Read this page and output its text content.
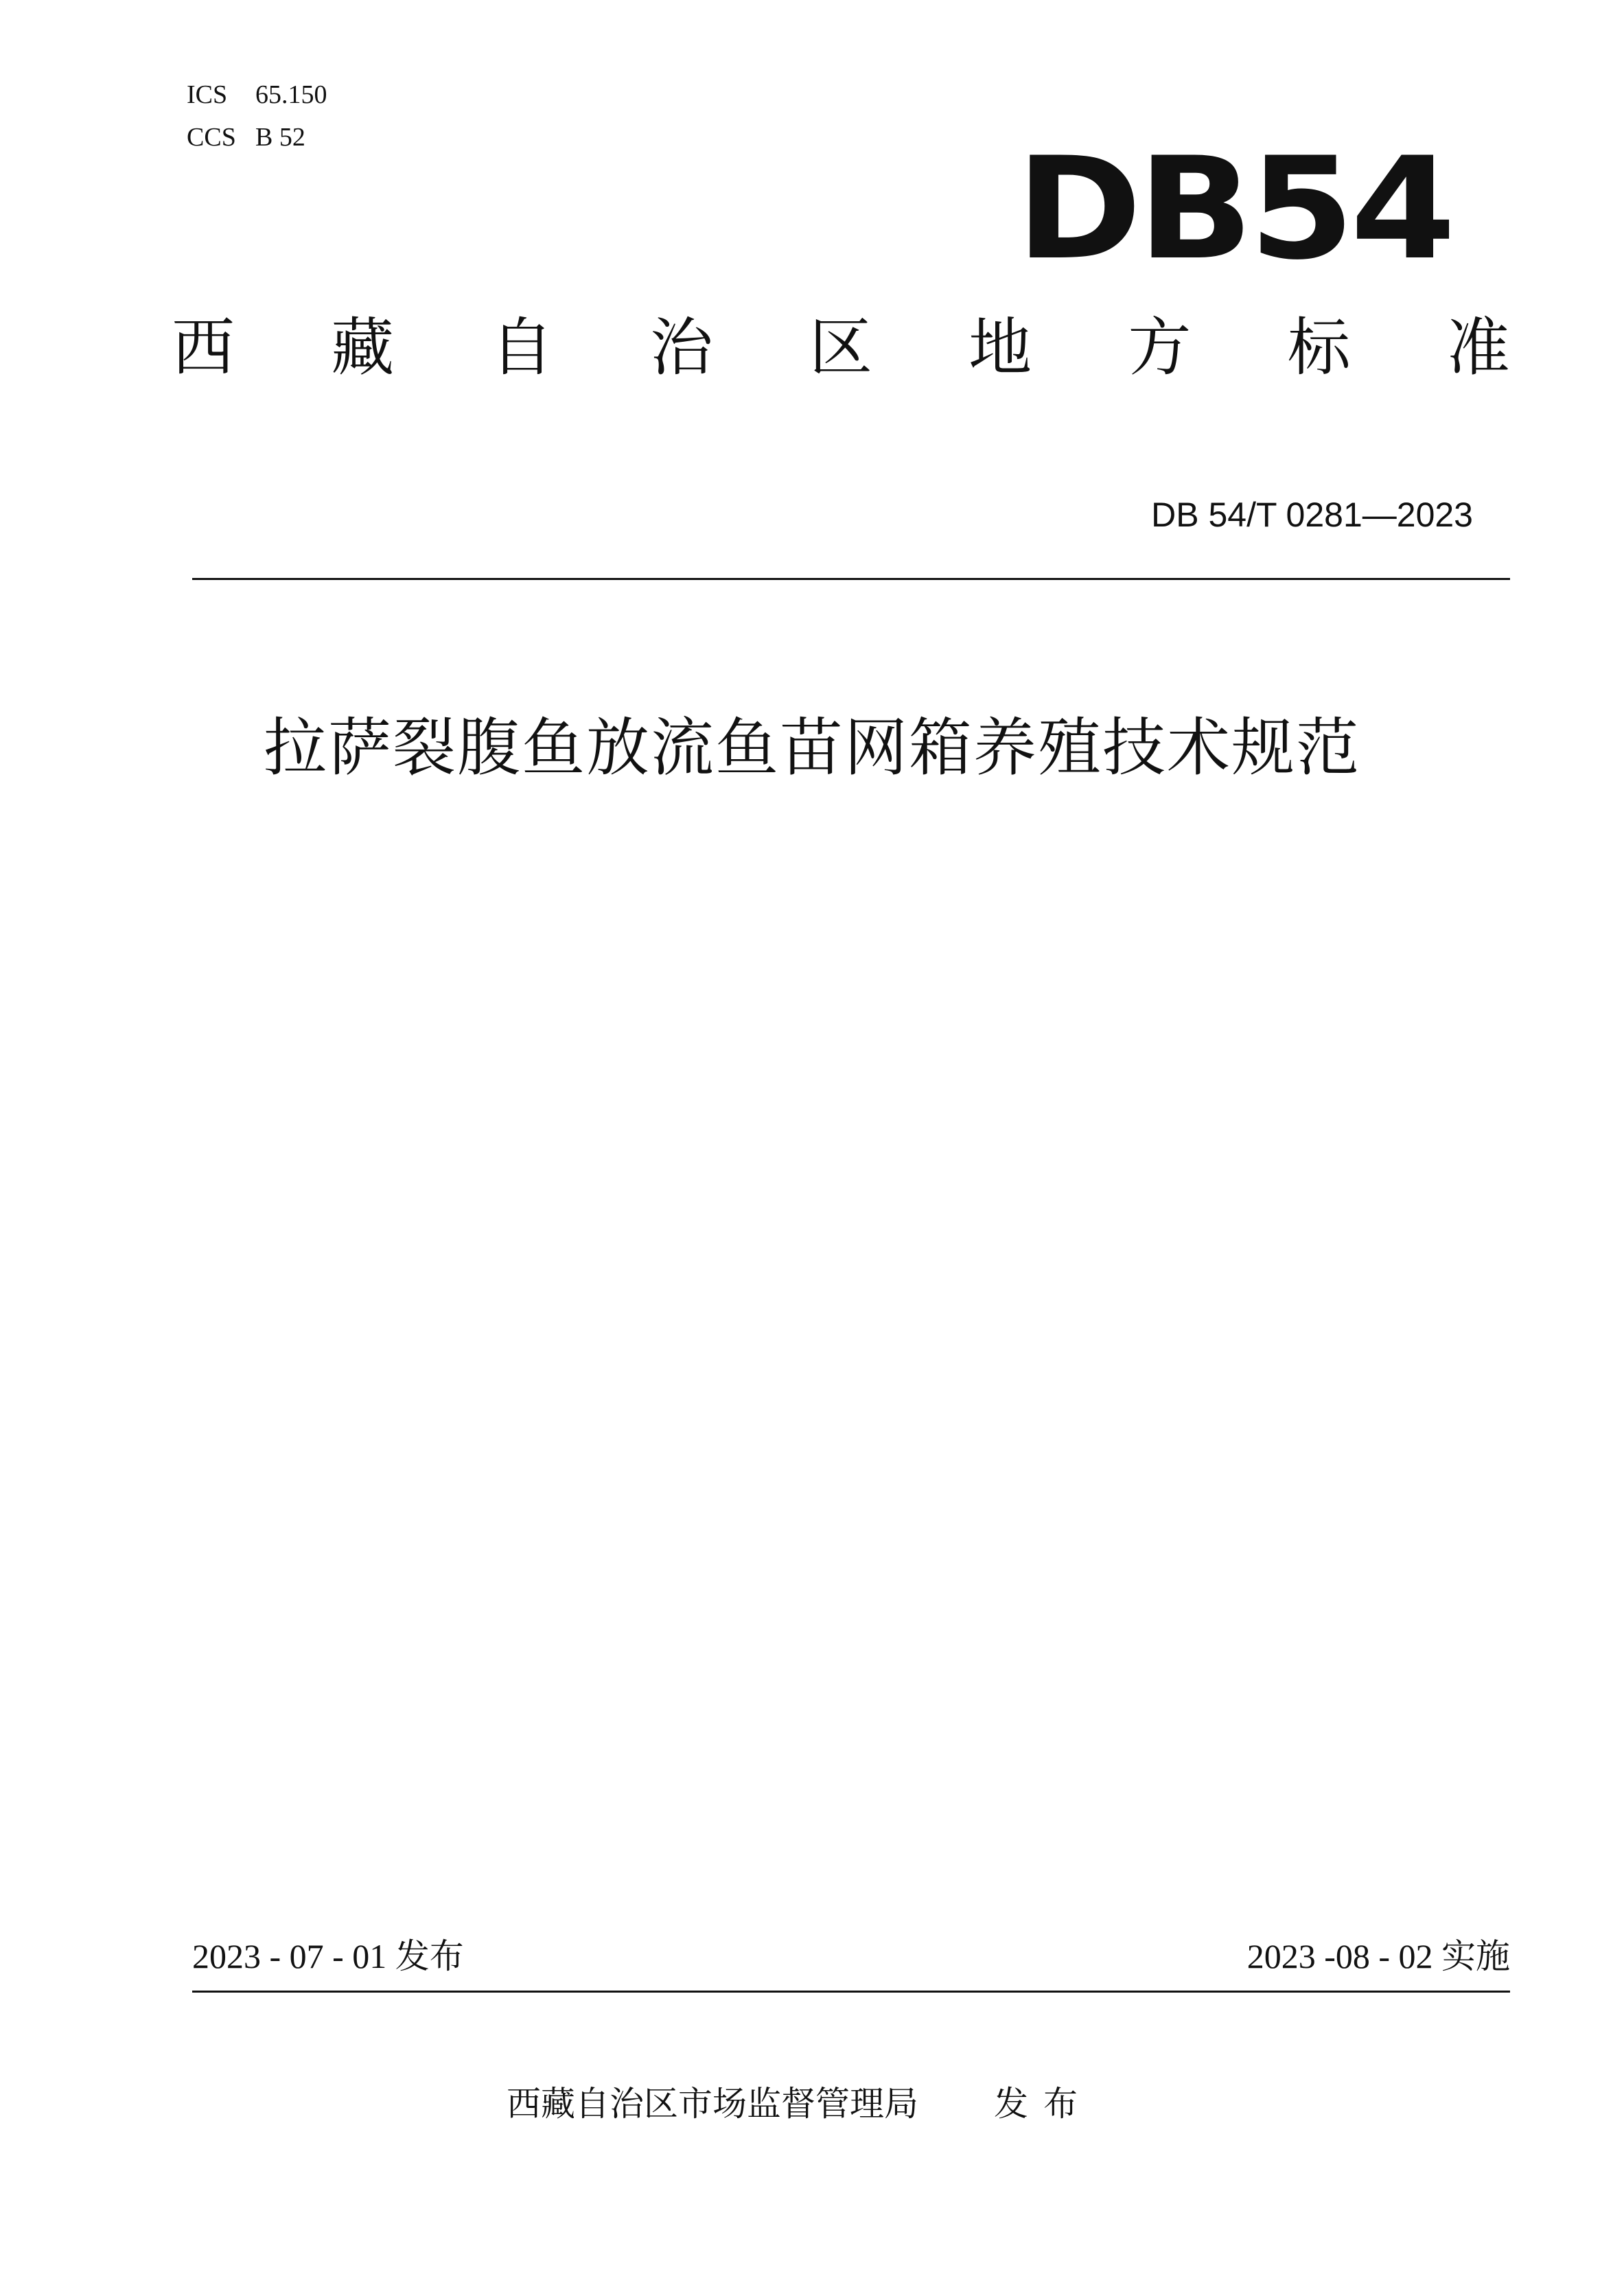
ICS 65.150
CCS B 52	DB54
西 藏 自 治 区 地 方 标 准
DB 54/T 0281—2023
拉萨裂腹鱼放流鱼苗网箱养殖技术规范
2023 - 07 - 01 发布	2023 -08 - 02 实施
西藏自治区市场监督管理局 发布
